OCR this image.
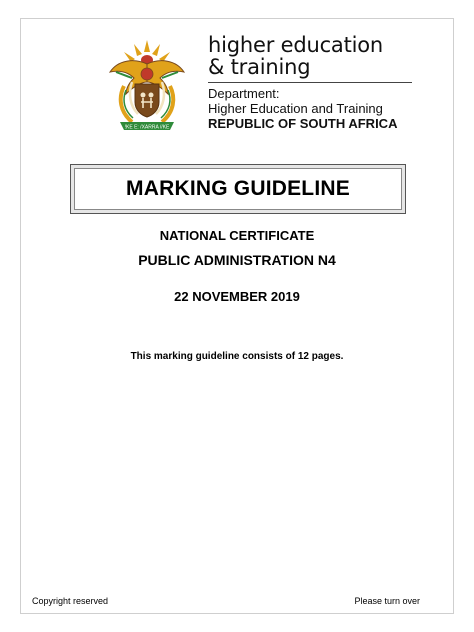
!KE E: /XARRA //KE
higher education
& training
Department:
Higher Education and Training
REPUBLIC OF SOUTH AFRICA
MARKING GUIDELINE
NATIONAL CERTIFICATE
PUBLIC ADMINISTRATION N4
22 NOVEMBER 2019
This marking guideline consists of 12 pages.
Copyright reserved	Please turn over
